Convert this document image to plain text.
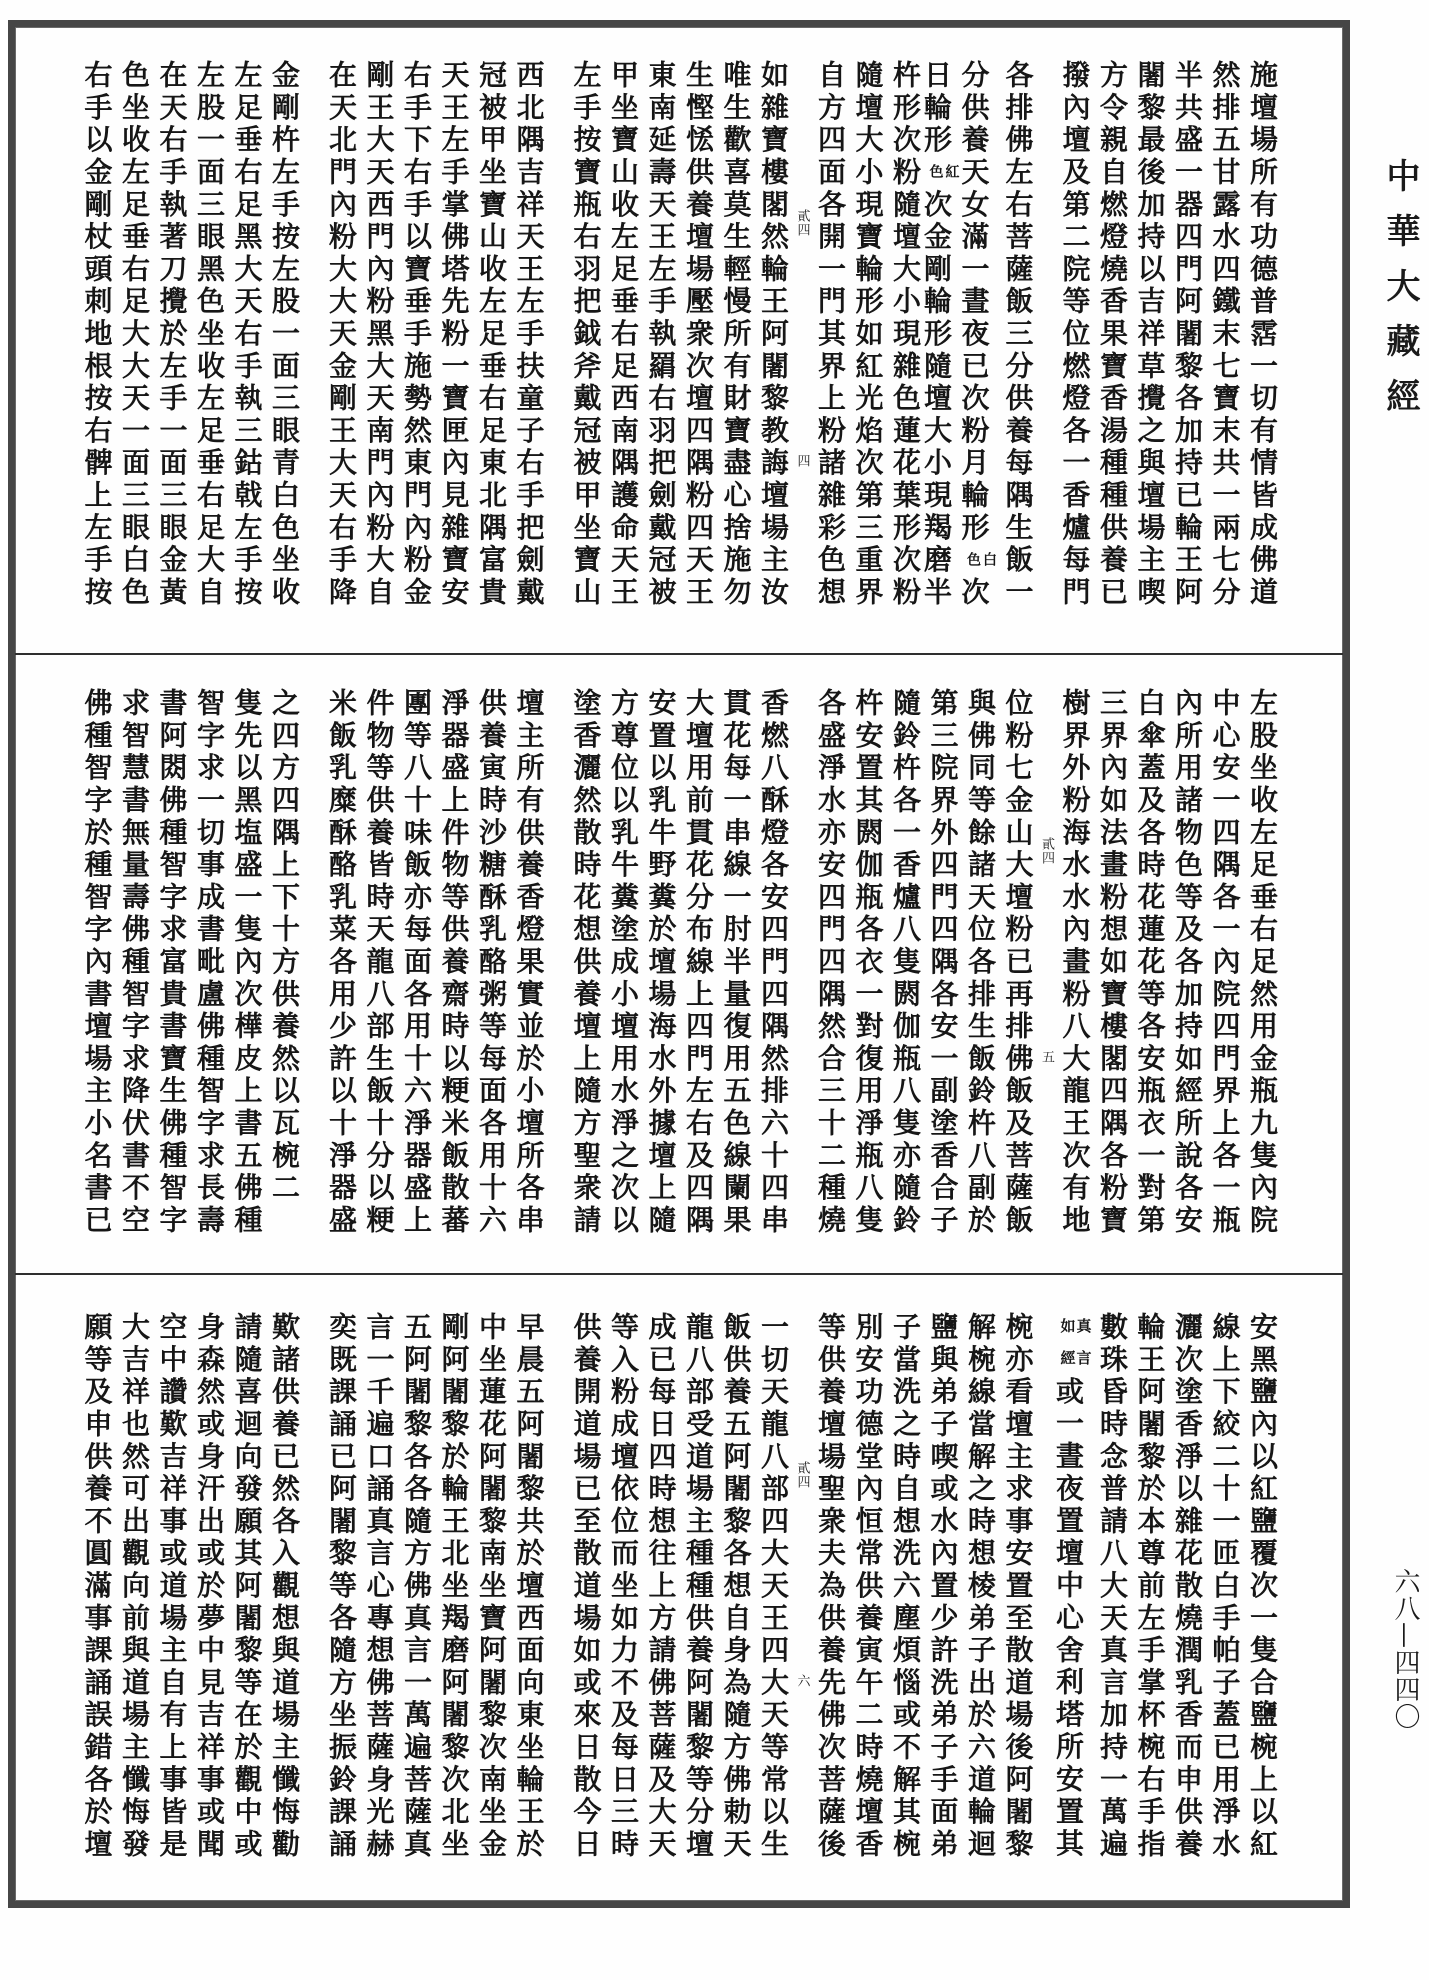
施壇場所有功德普霑一切有情皆成佛道
然排五甘露水四鐵末七寶末共一兩七分
半共盛一器四門阿闍黎各加持已輪王阿
闍黎最後加持以吉祥草攪之與壇場主喫
方令親自燃燈燒香果寶香湯種種供養已
撥內壇及第二院等位燃燈各一香爐每門
各排佛左右菩薩飯三分供養每隅生飯一
分供養天女滿一晝夜已次粉月輪形
白
色
次
日輪形
紅
色
次金剛輪形隨壇大小現羯磨半
杵形次粉隨壇大小現雜色蓮花葉形次粉
隨壇大小現寶輪形如紅光焰次第三重界
自方四面各開一門其界上粉諸雜彩色想
如雜寶樓閣然輪王阿闍黎教誨壇場主汝
唯生歡喜莫生輕慢所有財寶盡心捨施勿
生慳恡供養壇場壓衆次壇四隅粉四天王
東南延壽天王左手執羂右羽把劍戴冠被
甲坐寶山收左足垂右足西南隅護命天王
左手按寶瓶右羽把鉞斧戴冠被甲坐寶山
西北隅吉祥天王左手扶童子右手把劍戴
冠被甲坐寶山收左足垂右足東北隅富貴
天王左手掌佛塔先粉一寶匣內見雜寶安
右手下右手以寶垂手施勢然東門內粉金
剛王大天西門內粉黑大天南門內粉大自
在天北門內粉大大天金剛王大天右手降
金剛杵左手按左股一面三眼青白色坐收
左足垂右足黑大天右手執三鈷戟左手按
左股一面三眼黑色坐收左足垂右足大自
在天右手執著刀攪於左手一面三眼金黃
色坐收左足垂右足大大天一面三眼白色
右手以金剛杖頭刺地根按右髀上左手按	貳四
四
左股坐收左足垂右足然用金瓶九隻內院
中心安一四隅各一內院四門界上各一瓶
內所用諸物色等及各加持如經所說各安
白傘蓋及各時花蓮花等各安瓶衣一對第
三界內如法畫粉想如寶樓閣四隅各粉寶
樹界外粉海水水內畫粉八大龍王次有地
位粉七金山大壇粉已再排佛飯及菩薩飯
與佛同等餘諸天位各排生飯鈴杵八副於
第三院界外四門四隅各安一副塗香合子
隨鈴杵各一香爐八隻閼伽瓶八隻亦隨鈴
杵安置其閼伽瓶各衣一對復用淨瓶八隻
各盛淨水亦安四門四隅然合三十二種燒
香燃八酥燈各安四門四隅然排六十四串
貫花每一串線一肘半量復用五色線闌果
大壇用前貫花分布線上四門左右及四隅
安置以乳牛野糞於壇場海水外據壇上隨
方尊位以乳牛糞塗成小壇用水淨之次以
塗香灑然散時花想供養壇上隨方聖衆請
壇主所有供養香燈果實並於小壇所各串
供養寅時沙糖酥乳酪粥等每面各用十六
淨器盛上件物等供養齋時以粳米飯散蕃
團等八十味飯亦每面各用十六淨器盛上
件物等供養皆時天龍八部生飯十分以粳
米飯乳糜酥酪乳菜各用少許以十淨器盛
之四方四隅上下十方供養然以瓦椀二
隻先以黑塩盛一隻內次樺皮上書五佛種
智字求一切事成書毗盧佛種智字求長壽
書阿閦佛種智字求富貴書寶生佛種智字
求智慧書無量壽佛種智字求降伏書不空
佛種智字於種智字內書壇場主小名書已	貳四
五
安黑鹽內以紅鹽覆次一隻合鹽椀上以紅
線上下絞二十一匝白手帕子蓋已用淨水
灑次塗香淨以雜花散燒潤乳香而申供養
輪王阿闍黎於本尊前左手掌杯椀右手指
數珠昏時念普請八大天真言加持一萬遍
真言
如經
或一晝夜置壇中心舍利塔所安置其
椀亦看壇主求事安置至散道場後阿闍黎
解椀線當解之時想棱弟子出於六道輪迴
鹽與弟子喫或水內置少許洗弟子手面弟
子當洗之時自想洗六塵煩惱或不解其椀
別安功德堂內恒常供養寅午二時燒壇香
等供養壇場聖衆夫為供養先佛次菩薩後
一切天龍八部四大天王四大天等常以生
飯供養五阿闍黎各想自身為隨方佛勅天
龍八部受道場主種種供養阿闍黎等分壇
成已每日四時想往上方請佛菩薩及大天
等入粉成壇依位而坐如力不及每日三時
供養開道場已至散道場如或來日散今日
早晨五阿闍黎共於壇西面向東坐輪王於
中坐蓮花阿闍黎南坐寶阿闍黎次南坐金
剛阿闍黎於輪王北坐羯磨阿闍黎次北坐
五阿闍黎各各隨方佛真言一萬遍菩薩真
言一千遍口誦真言心專想佛菩薩身光赫
奕既課誦已阿闍黎等各隨方坐振鈴課誦
歎諸供養已然各入觀想與道場主懺悔勸
請隨喜迴向發願其阿闍黎等在於觀中或
身森然或身汗出或於夢中見吉祥事或聞
空中讚歎吉祥事或道場主自有上事皆是
大吉祥也然可出觀向前與道場主懺悔發
願等及申供養不圓滿事課誦誤錯各於壇	貳四
六
中華大藏經
六八—四四〇
